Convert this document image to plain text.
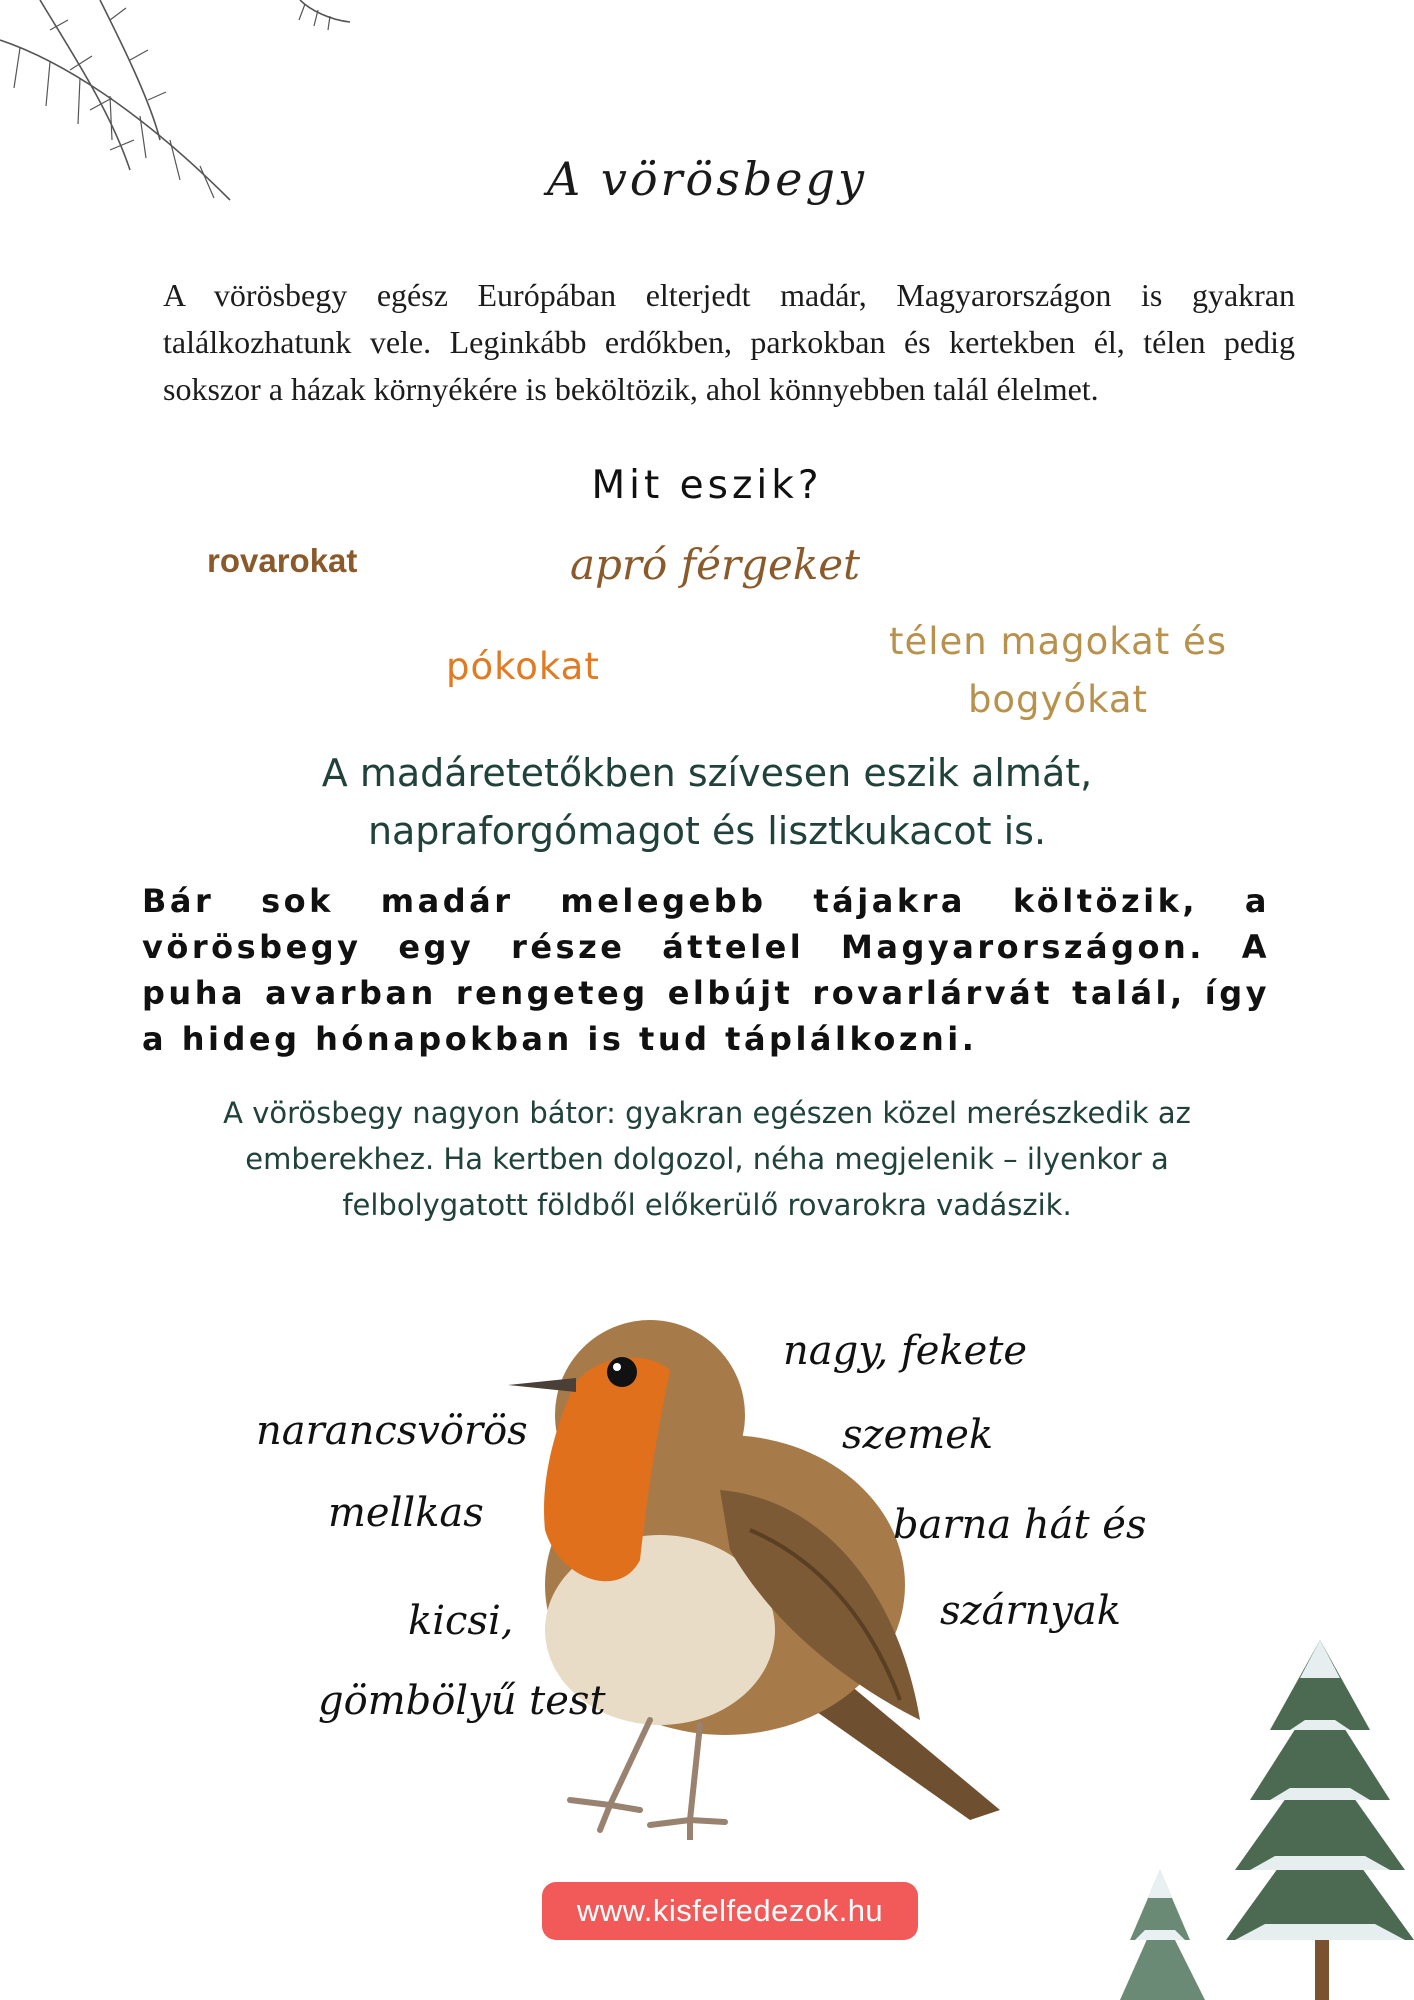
A vörösbegy
A vörösbegy egész Európában elterjedt madár, Magyarországon is gyakran találkozhatunk vele. Leginkább erdőkben, parkokban és kertekben él, télen pedig sokszor a házak környékére is beköltözik, ahol könnyebben talál élelmet.
Mit eszik?
rovarokat	apró férgeket
pókokat
télen magokat és
bogyókat
A madáretetőkben szívesen eszik almát,
napraforgómagot és lisztkukacot is.
Bár sok madár melegebb tájakra költözik, a vörösbegy egy része áttelel Magyarországon. A puha avarban rengeteg elbújt rovarlárvát talál, így a hideg hónapokban is tud táplálkozni.
A vörösbegy nagyon bátor: gyakran egészen közel merészkedik az
emberekhez. Ha kertben dolgozol, néha megjelenik – ilyenkor a
felbolygatott földből előkerülő rovarokra vadászik.
narancsvörös
mellkas
kicsi,
gömbölyű test
nagy, fekete
szemek
barna hát és
szárnyak
www.kisfelfedezok.hu
